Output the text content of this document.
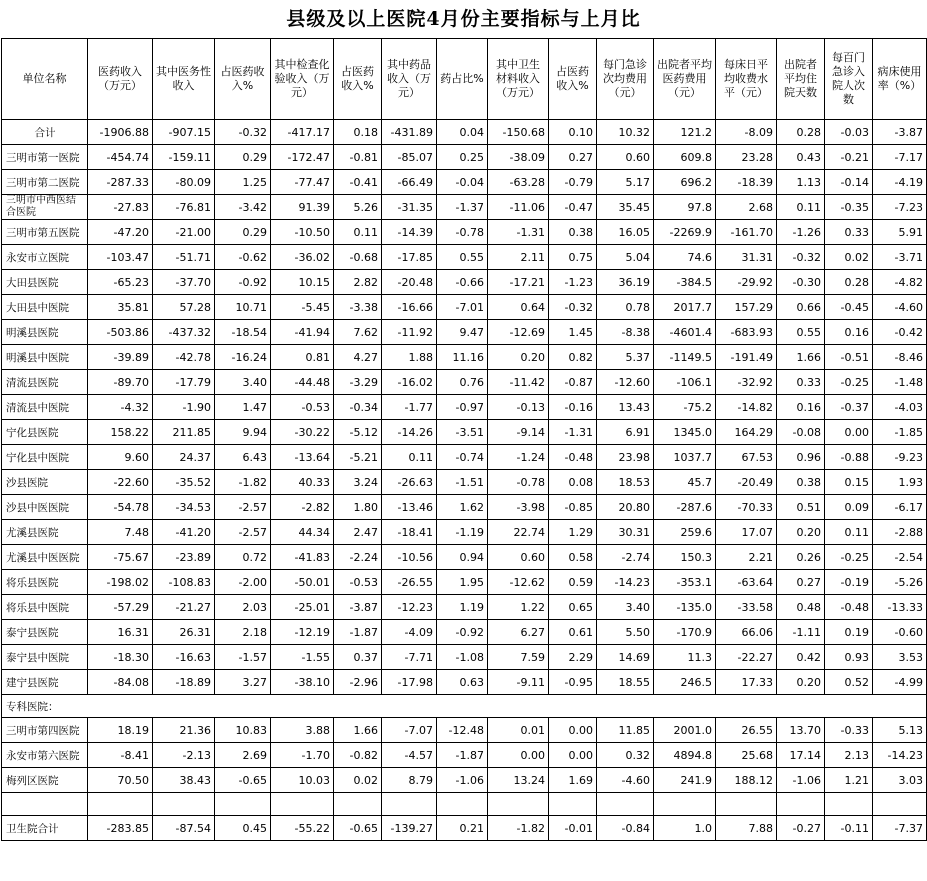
县级及以上医院4月份主要指标与上月比
单位名称	医药收入（万元）	其中医务性收入	占医药收入%	其中检查化验收入（万元）	占医药收入%	其中药品收入（万元）	药占比%	其中卫生材料收入（万元）	占医药收入%	每门急诊次均费用（元）	出院者平均医药费用（元）	每床日平均收费水平（元）	出院者平均住院天数	每百门急诊入院人次数	病床使用率（%）
合计	-1906.88	-907.15	-0.32	-417.17	0.18	-431.89	0.04	-150.68	0.10	10.32	121.2	-8.09	0.28	-0.03	-3.87
三明市第一医院	-454.74	-159.11	0.29	-172.47	-0.81	-85.07	0.25	-38.09	0.27	0.60	609.8	23.28	0.43	-0.21	-7.17
三明市第二医院	-287.33	-80.09	1.25	-77.47	-0.41	-66.49	-0.04	-63.28	-0.79	5.17	696.2	-18.39	1.13	-0.14	-4.19
三明市中西医结合医院	-27.83	-76.81	-3.42	91.39	5.26	-31.35	-1.37	-11.06	-0.47	35.45	97.8	2.68	0.11	-0.35	-7.23
三明市第五医院	-47.20	-21.00	0.29	-10.50	0.11	-14.39	-0.78	-1.31	0.38	16.05	-2269.9	-161.70	-1.26	0.33	5.91
永安市立医院	-103.47	-51.71	-0.62	-36.02	-0.68	-17.85	0.55	2.11	0.75	5.04	74.6	31.31	-0.32	0.02	-3.71
大田县医院	-65.23	-37.70	-0.92	10.15	2.82	-20.48	-0.66	-17.21	-1.23	36.19	-384.5	-29.92	-0.30	0.28	-4.82
大田县中医院	35.81	57.28	10.71	-5.45	-3.38	-16.66	-7.01	0.64	-0.32	0.78	2017.7	157.29	0.66	-0.45	-4.60
明溪县医院	-503.86	-437.32	-18.54	-41.94	7.62	-11.92	9.47	-12.69	1.45	-8.38	-4601.4	-683.93	0.55	0.16	-0.42
明溪县中医院	-39.89	-42.78	-16.24	0.81	4.27	1.88	11.16	0.20	0.82	5.37	-1149.5	-191.49	1.66	-0.51	-8.46
清流县医院	-89.70	-17.79	3.40	-44.48	-3.29	-16.02	0.76	-11.42	-0.87	-12.60	-106.1	-32.92	0.33	-0.25	-1.48
清流县中医院	-4.32	-1.90	1.47	-0.53	-0.34	-1.77	-0.97	-0.13	-0.16	13.43	-75.2	-14.82	0.16	-0.37	-4.03
宁化县医院	158.22	211.85	9.94	-30.22	-5.12	-14.26	-3.51	-9.14	-1.31	6.91	1345.0	164.29	-0.08	0.00	-1.85
宁化县中医院	9.60	24.37	6.43	-13.64	-5.21	0.11	-0.74	-1.24	-0.48	23.98	1037.7	67.53	0.96	-0.88	-9.23
沙县医院	-22.60	-35.52	-1.82	40.33	3.24	-26.63	-1.51	-0.78	0.08	18.53	45.7	-20.49	0.38	0.15	1.93
沙县中医医院	-54.78	-34.53	-2.57	-2.82	1.80	-13.46	1.62	-3.98	-0.85	20.80	-287.6	-70.33	0.51	0.09	-6.17
尤溪县医院	7.48	-41.20	-2.57	44.34	2.47	-18.41	-1.19	22.74	1.29	30.31	259.6	17.07	0.20	0.11	-2.88
尤溪县中医医院	-75.67	-23.89	0.72	-41.83	-2.24	-10.56	0.94	0.60	0.58	-2.74	150.3	2.21	0.26	-0.25	-2.54
将乐县医院	-198.02	-108.83	-2.00	-50.01	-0.53	-26.55	1.95	-12.62	0.59	-14.23	-353.1	-63.64	0.27	-0.19	-5.26
将乐县中医院	-57.29	-21.27	2.03	-25.01	-3.87	-12.23	1.19	1.22	0.65	3.40	-135.0	-33.58	0.48	-0.48	-13.33
泰宁县医院	16.31	26.31	2.18	-12.19	-1.87	-4.09	-0.92	6.27	0.61	5.50	-170.9	66.06	-1.11	0.19	-0.60
泰宁县中医院	-18.30	-16.63	-1.57	-1.55	0.37	-7.71	-1.08	7.59	2.29	14.69	11.3	-22.27	0.42	0.93	3.53
建宁县医院	-84.08	-18.89	3.27	-38.10	-2.96	-17.98	0.63	-9.11	-0.95	18.55	246.5	17.33	0.20	0.52	-4.99
专科医院：															
三明市第四医院	18.19	21.36	10.83	3.88	1.66	-7.07	-12.48	0.01	0.00	11.85	2001.0	26.55	13.70	-0.33	5.13
永安市第六医院	-8.41	-2.13	2.69	-1.70	-0.82	-4.57	-1.87	0.00	0.00	0.32	4894.8	25.68	17.14	2.13	-14.23
梅列区医院	70.50	38.43	-0.65	10.03	0.02	8.79	-1.06	13.24	1.69	-4.60	241.9	188.12	-1.06	1.21	3.03

卫生院合计	-283.85	-87.54	0.45	-55.22	-0.65	-139.27	0.21	-1.82	-0.01	-0.84	1.0	7.88	-0.27	-0.11	-7.37
